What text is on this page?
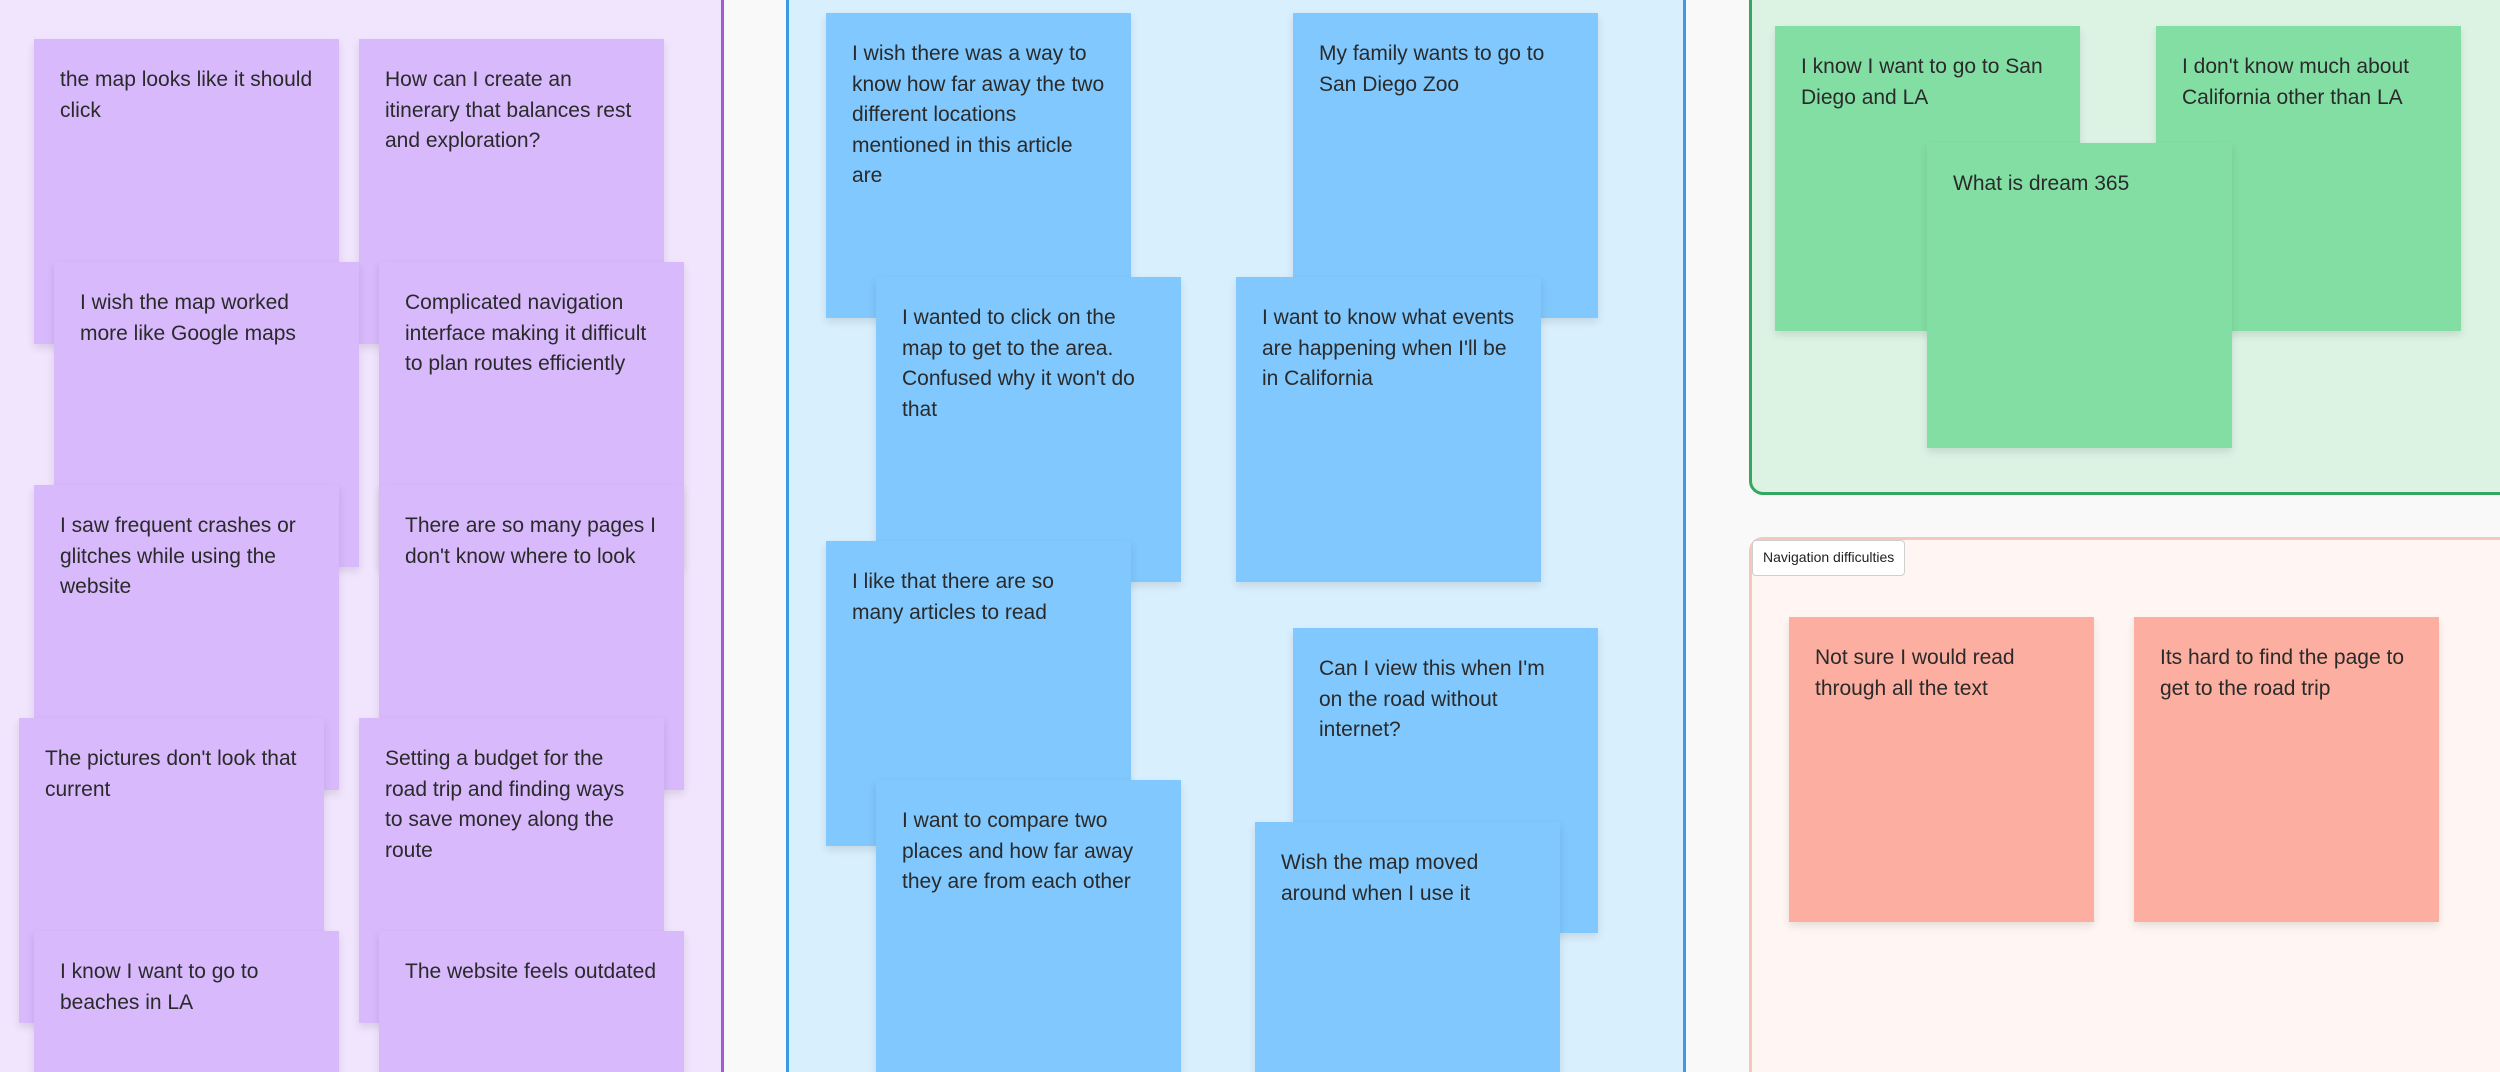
Navigation difficulties
the map looks like it should click
How can I create an itinerary that balances rest and exploration?
I wish the map worked more like Google maps
Complicated navigation interface making it difficult to plan routes efficiently
I saw frequent crashes or glitches while using the website
There are so many pages I don't know where to look
The pictures don't look that current
Setting a budget for the road trip and finding ways to save money along the route
I know I want to go to beaches in LA
The website feels outdated
I wish there was a way to know how far away the two different locations mentioned in this article are
My family wants to go to San Diego Zoo
I wanted to click on the map to get to the area. Confused why it won't do that
I want to know what events are happening when I'll be in California
I like that there are so many articles to read
Can I view this when I'm on the road without internet?
I want to compare two places and how far away they are from each other
Wish the map moved around when I use it
I know I want to go to San Diego and LA
I don't know much about California other than LA
What is dream 365
Not sure I would read through all the text
Its hard to find the page to get to the road trip
